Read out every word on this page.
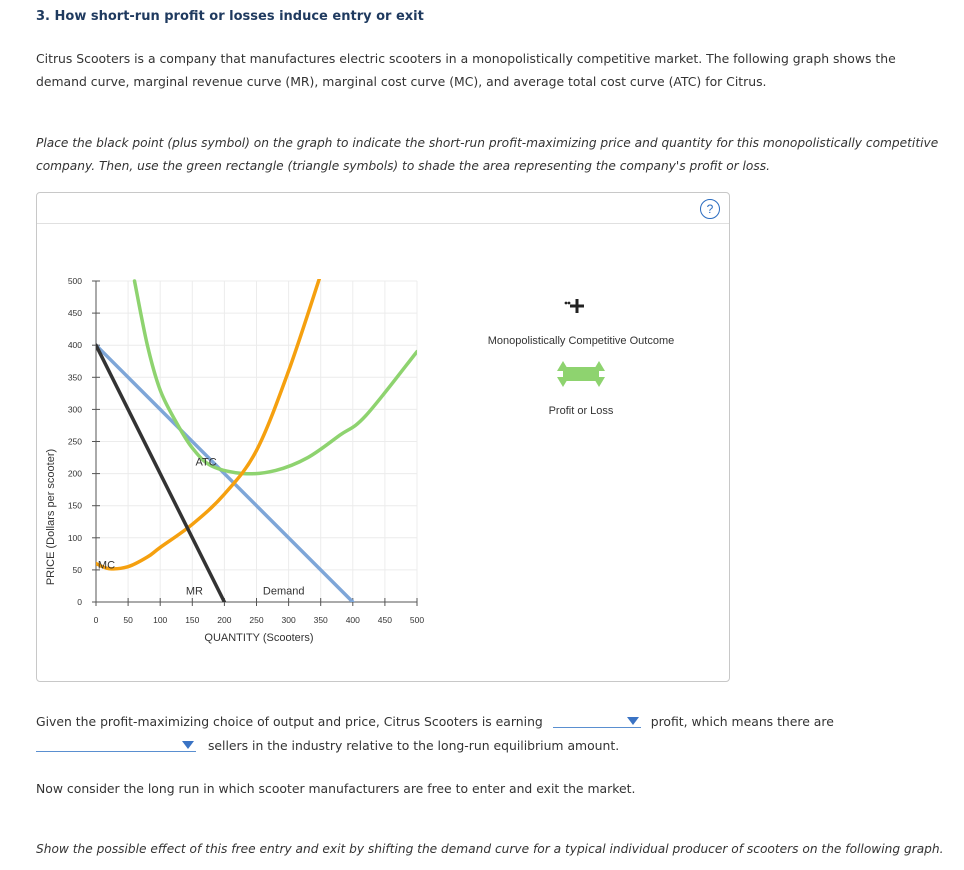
3. How short-run profit or losses induce entry or exit

Citrus Scooters is a company that manufactures electric scooters in a monopolistically competitive market. The following graph shows the demand curve, marginal revenue curve (MR), marginal cost curve (MC), and average total cost curve (ATC) for Citrus.

Place the black point (plus symbol) on the graph to indicate the short-run profit-maximizing price and quantity for this monopolistically competitive company. Then, use the green rectangle (triangle symbols) to shade the area representing the company's profit or loss.

?
0
50
100
150
200
250
300
350
400
450
500
0	50 100 150 200 250 300 350 400 450 500
ATC
MC
MR	Demand
PRICE (Dollars per scooter)
QUANTITY (Scooters)
Monopolistically Competitive Outcome
Profit or Loss

Given the profit-maximizing choice of output and price, Citrus Scooters is earning	profit, which means there are

sellers in the industry relative to the long-run equilibrium amount.

Now consider the long run in which scooter manufacturers are free to enter and exit the market.

Show the possible effect of this free entry and exit by shifting the demand curve for a typical individual producer of scooters on the following graph.
